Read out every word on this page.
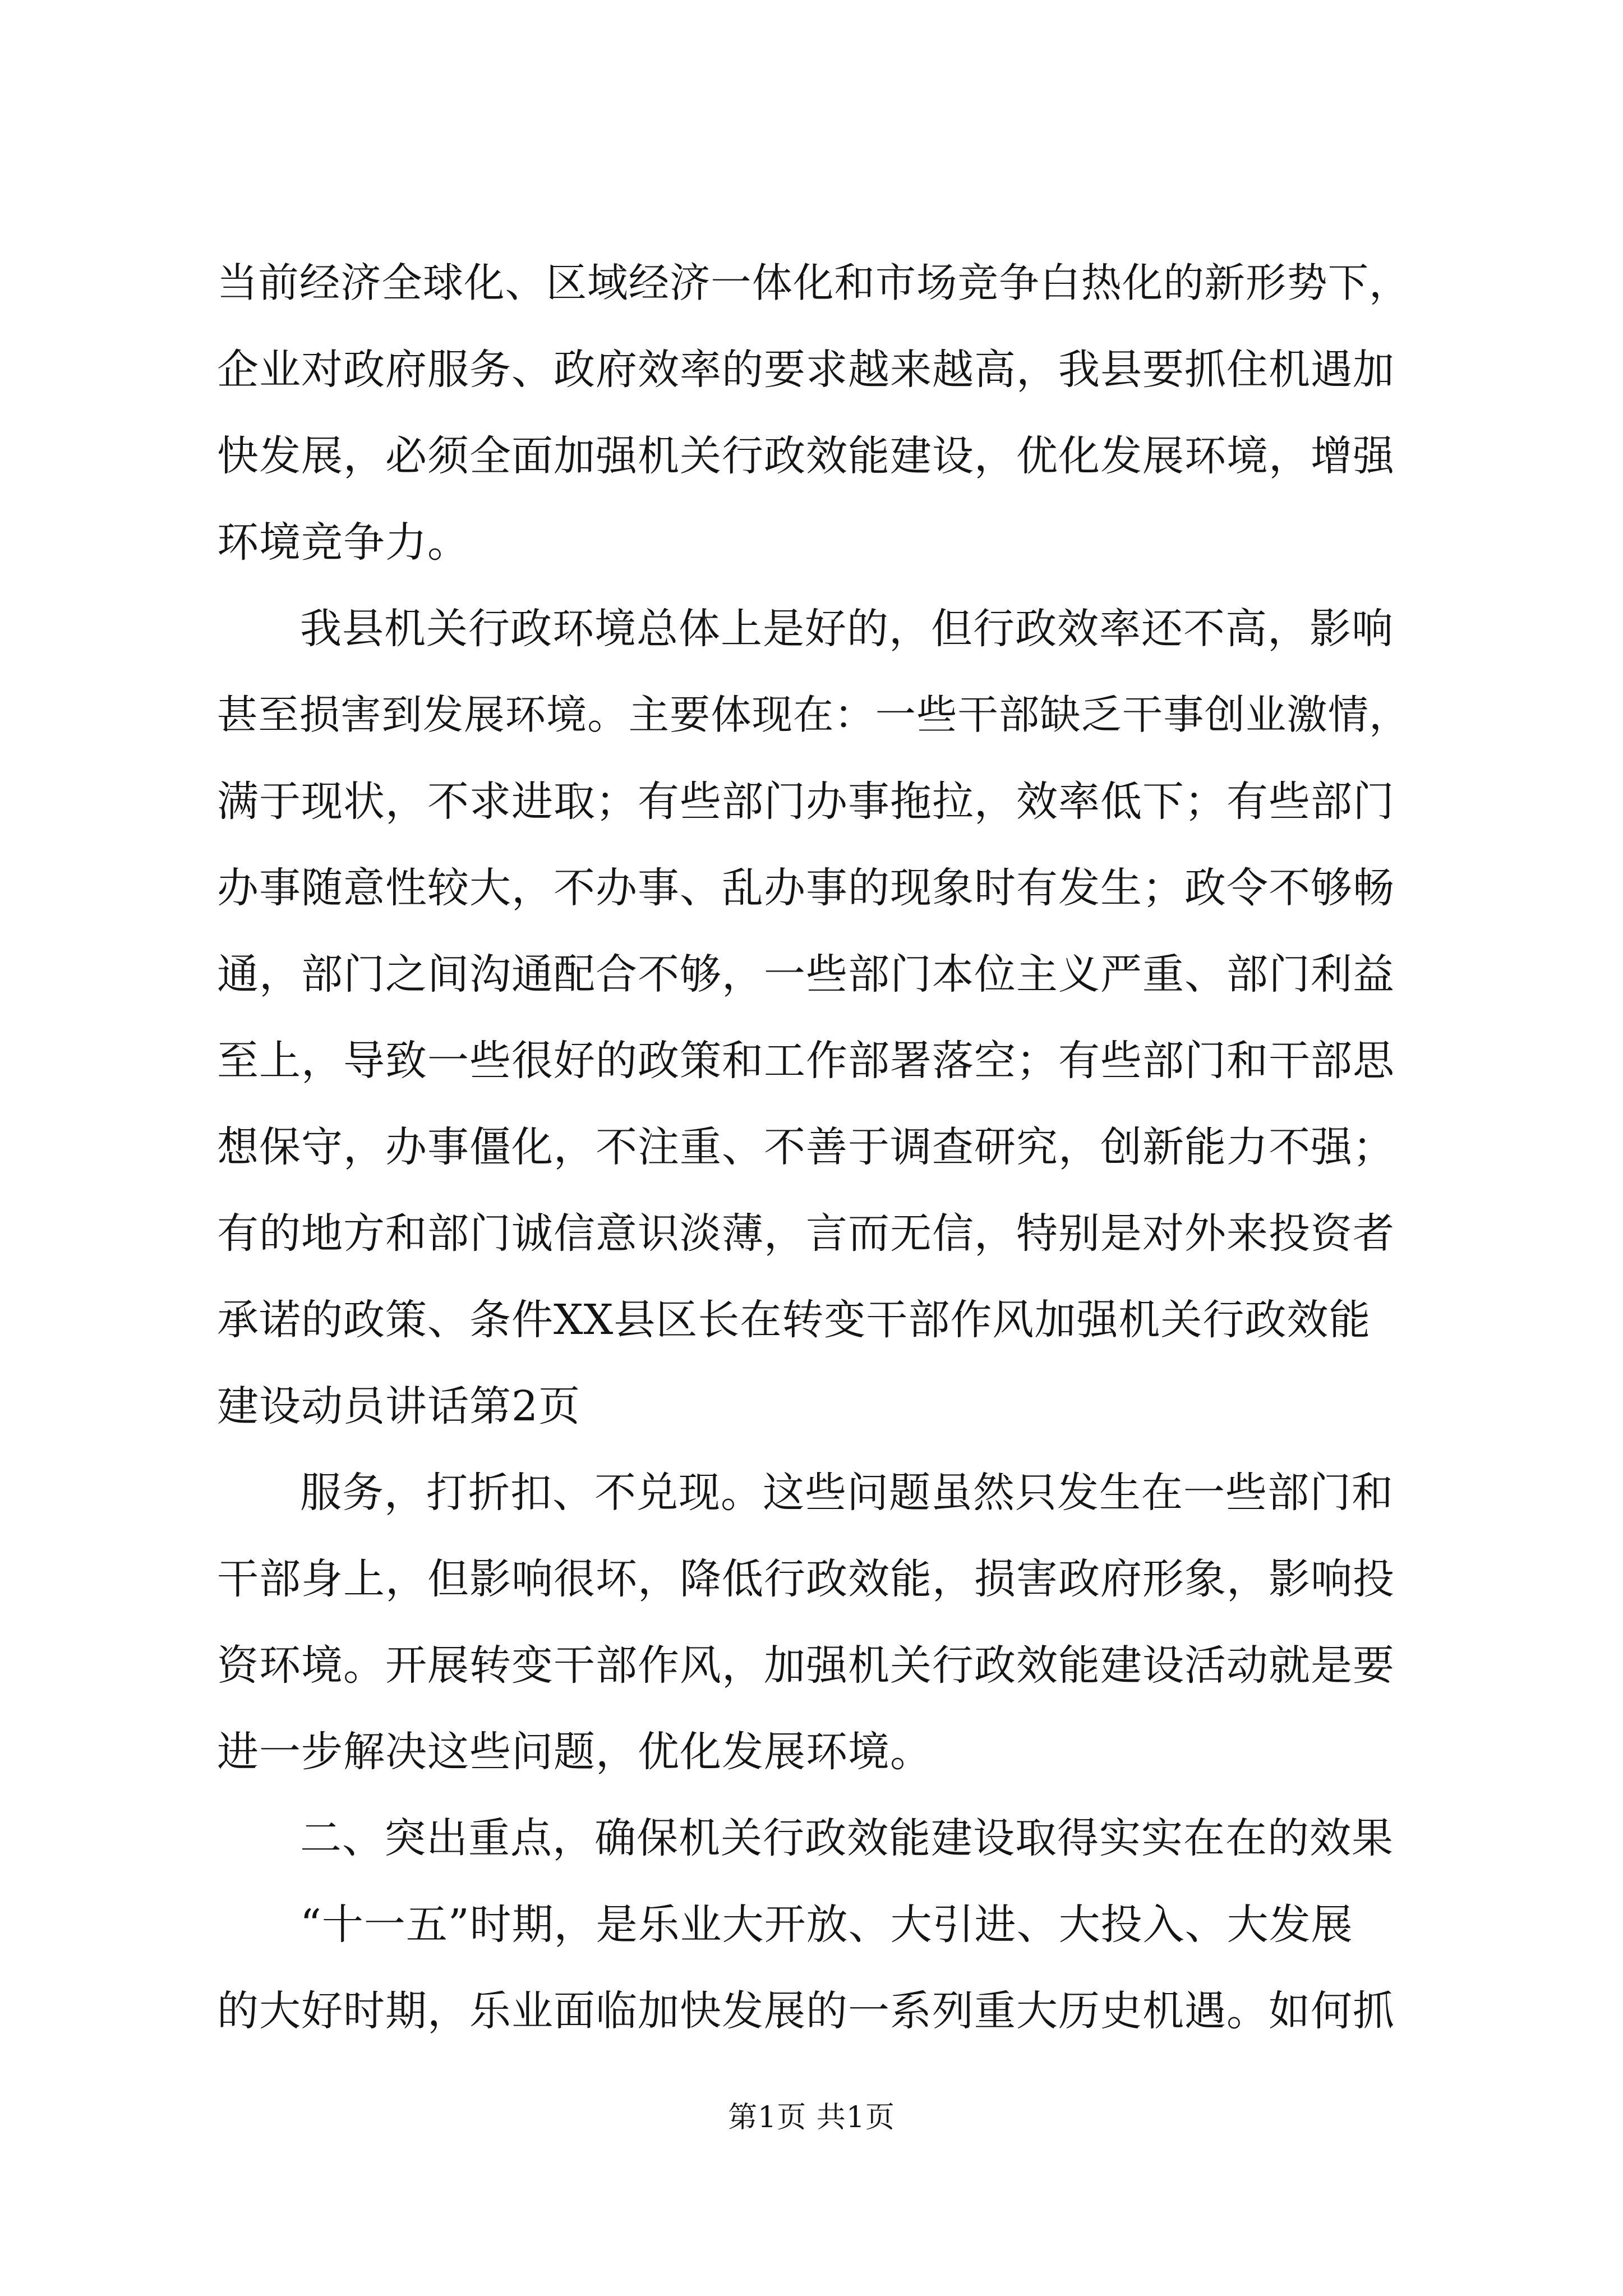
当前经济全球化、区域经济一体化和市场竞争白热化的新形势下，
企业对政府服务、政府效率的要求越来越高，我县要抓住机遇加
快发展，必须全面加强机关行政效能建设，优化发展环境，增强
环境竞争力。
我县机关行政环境总体上是好的，但行政效率还不高，影响
甚至损害到发展环境。主要体现在：一些干部缺乏干事创业激情，
满于现状，不求进取；有些部门办事拖拉，效率低下；有些部门
办事随意性较大，不办事、乱办事的现象时有发生；政令不够畅
通，部门之间沟通配合不够，一些部门本位主义严重、部门利益
至上，导致一些很好的政策和工作部署落空；有些部门和干部思
想保守，办事僵化，不注重、不善于调查研究，创新能力不强；
有的地方和部门诚信意识淡薄，言而无信，特别是对外来投资者
承诺的政策、条件XX县区长在转变干部作风加强机关行政效能
建设动员讲话第2页
服务，打折扣、不兑现。这些问题虽然只发生在一些部门和
干部身上，但影响很坏，降低行政效能，损害政府形象，影响投
资环境。开展转变干部作风，加强机关行政效能建设活动就是要
进一步解决这些问题，优化发展环境。
二、突出重点，确保机关行政效能建设取得实实在在的效果
“十一五”时期，是乐业大开放、大引进、大投入、大发展
的大好时期，乐业面临加快发展的一系列重大历史机遇。如何抓
第1页 共1页
